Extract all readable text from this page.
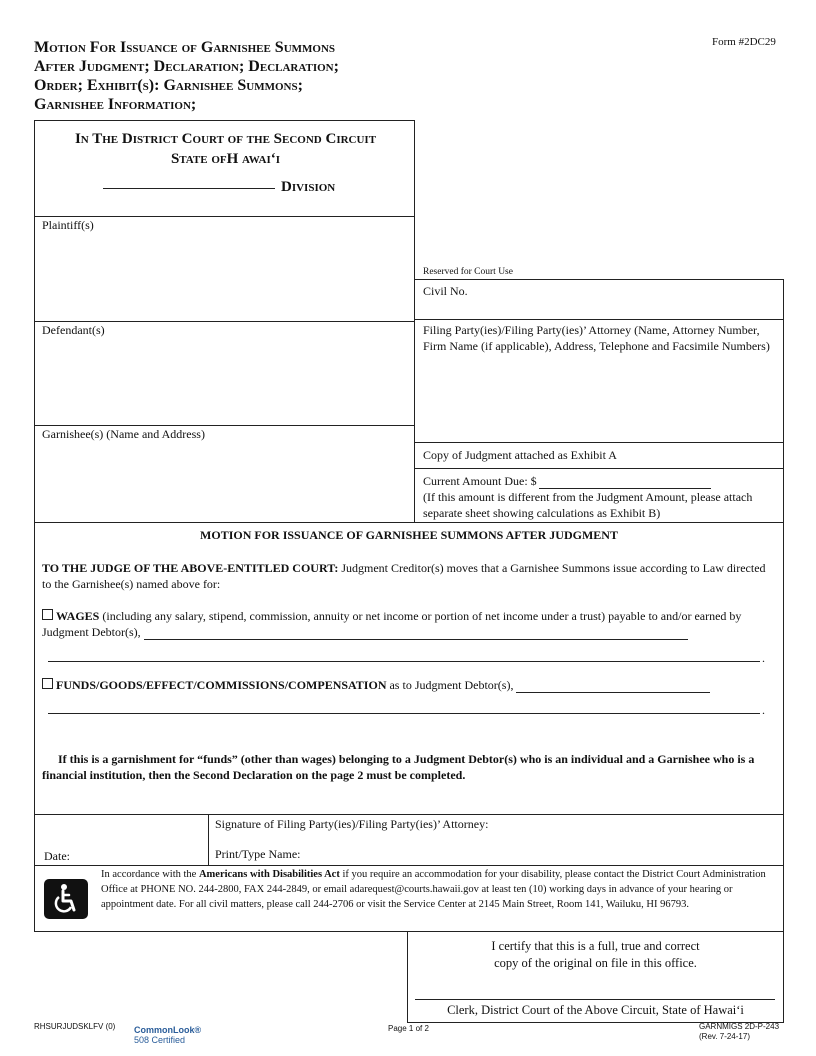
Motion For Issuance of Garnishee Summons
After Judgment; Declaration; Declaration;
Order; Exhibit(s): Garnishee Summons;
Garnishee Information;
Form #2DC29
In The District Court of the Second Circuit
State ofH awaiʻi
Division
Plaintiff(s)
Defendant(s)
Garnishee(s) (Name and Address)
Reserved for Court Use
Civil No.
Filing Party(ies)/Filing Party(ies)’ Attorney (Name, Attorney Number, Firm Name (if applicable), Address, Telephone and Facsimile Numbers)
Copy of Judgment attached as Exhibit A
Current Amount Due: $
(If this amount is different from the Judgment Amount, please attach separate sheet showing calculations as Exhibit B)
MOTION FOR ISSUANCE OF GARNISHEE SUMMONS AFTER JUDGMENT
TO THE JUDGE OF THE ABOVE-ENTITLED COURT: Judgment Creditor(s) moves that a Garnishee Summons issue according to Law directed to the Garnishee(s) named above for:
WAGES (including any salary, stipend, commission, annuity or net income or portion of net income under a trust) payable to and/or earned by Judgment Debtor(s),
.
FUNDS/GOODS/EFFECT/COMMISSIONS/COMPENSATION as to Judgment Debtor(s),
.
If this is a garnishment for “funds” (other than wages) belonging to a Judgment Debtor(s) who is an individual and a Garnishee who is a financial institution, then the Second Declaration on the page 2 must be completed.
Date:
Signature of Filing Party(ies)/Filing Party(ies)’ Attorney:
Print/Type Name:
In accordance with the Americans with Disabilities Act if you require an accommodation for your disability, please contact the District Court Administration Office at PHONE NO. 244-2800, FAX 244-2849, or email adarequest@courts.hawaii.gov at least ten (10) working days in advance of your hearing or appointment date. For all civil matters, please call 244-2706 or visit the Service Center at 2145 Main Street, Room 141, Wailuku, HI 96793.
I certify that this is a full, true and correct
copy of the original on file in this office.
Clerk, District Court of the Above Circuit, State of Hawaiʻi
RHSURJUDSKLFV (0) CommonLook®
508 Certified
Page 1 of 2	GARNMIGS 2D-P-243
(Rev. 7-24-17)
